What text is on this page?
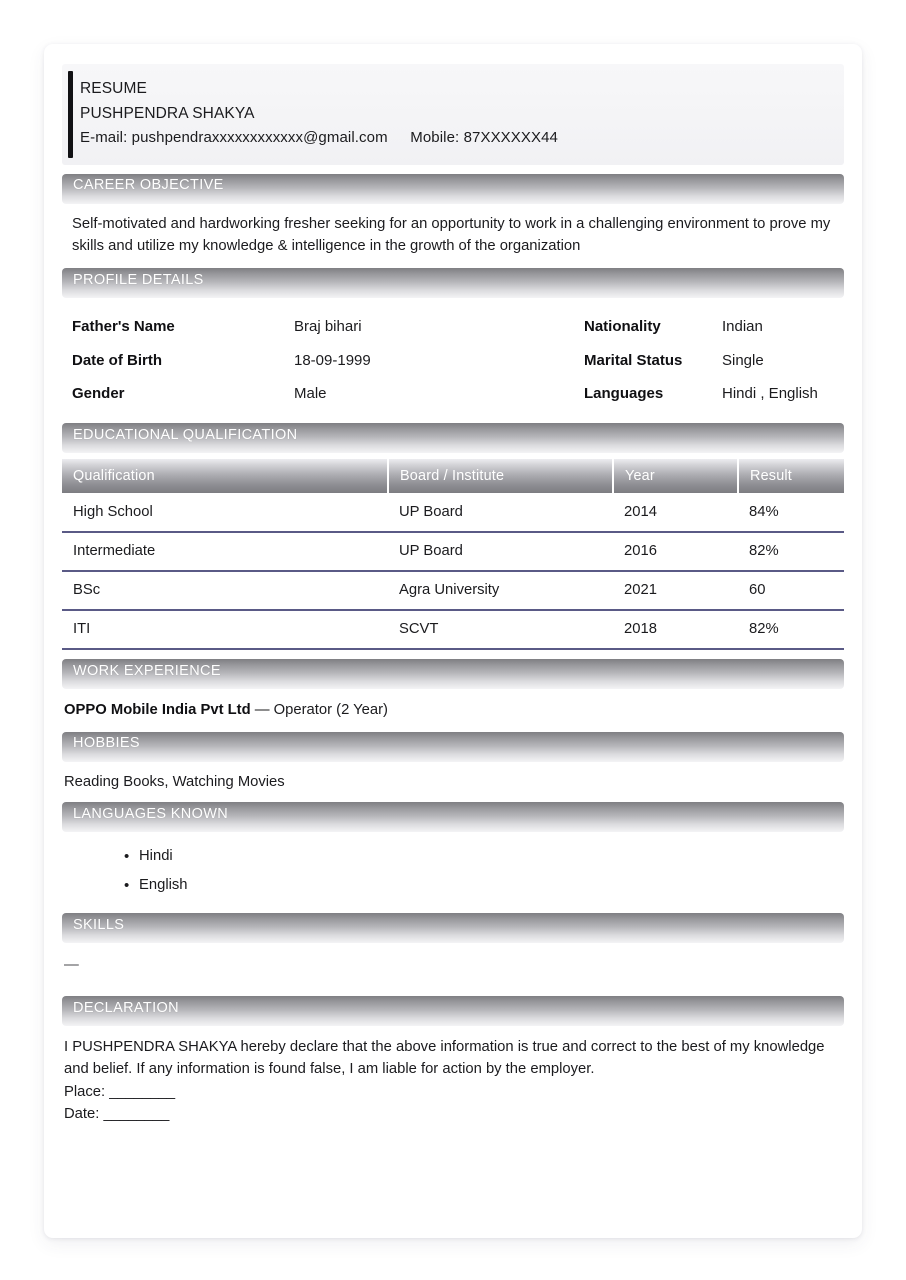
RESUME
PUSHPENDRA SHAKYA
E-mail: pushpendraxxxxxxxxxxxx@gmail.com Mobile: 87XXXXXX44
CAREER OBJECTIVE
Self-motivated and hardworking fresher seeking for an opportunity to work in a challenging environment to prove my skills and utilize my knowledge & intelligence in the growth of the organization
PROFILE DETAILS
Father's Name	Braj bihari	Nationality	Indian
Date of Birth	18-09-1999	Marital Status	Single
Gender	Male	Languages	Hindi , English
EDUCATIONAL QUALIFICATION
Qualification	Board / Institute	Year	Result
High School	UP Board	2014	84%
Intermediate	UP Board	2016	82%
BSc	Agra University	2021	60
ITI	SCVT	2018	82%
WORK EXPERIENCE
OPPO Mobile India Pvt Ltd — Operator (2 Year)
HOBBIES
Reading Books, Watching Movies
LANGUAGES KNOWN
• Hindi
• English
SKILLS
—
DECLARATION
I PUSHPENDRA SHAKYA hereby declare that the above information is true and correct to the best of my knowledge and belief. If any information is found false, I am liable for action by the employer.
Place: ________
Date: ________
